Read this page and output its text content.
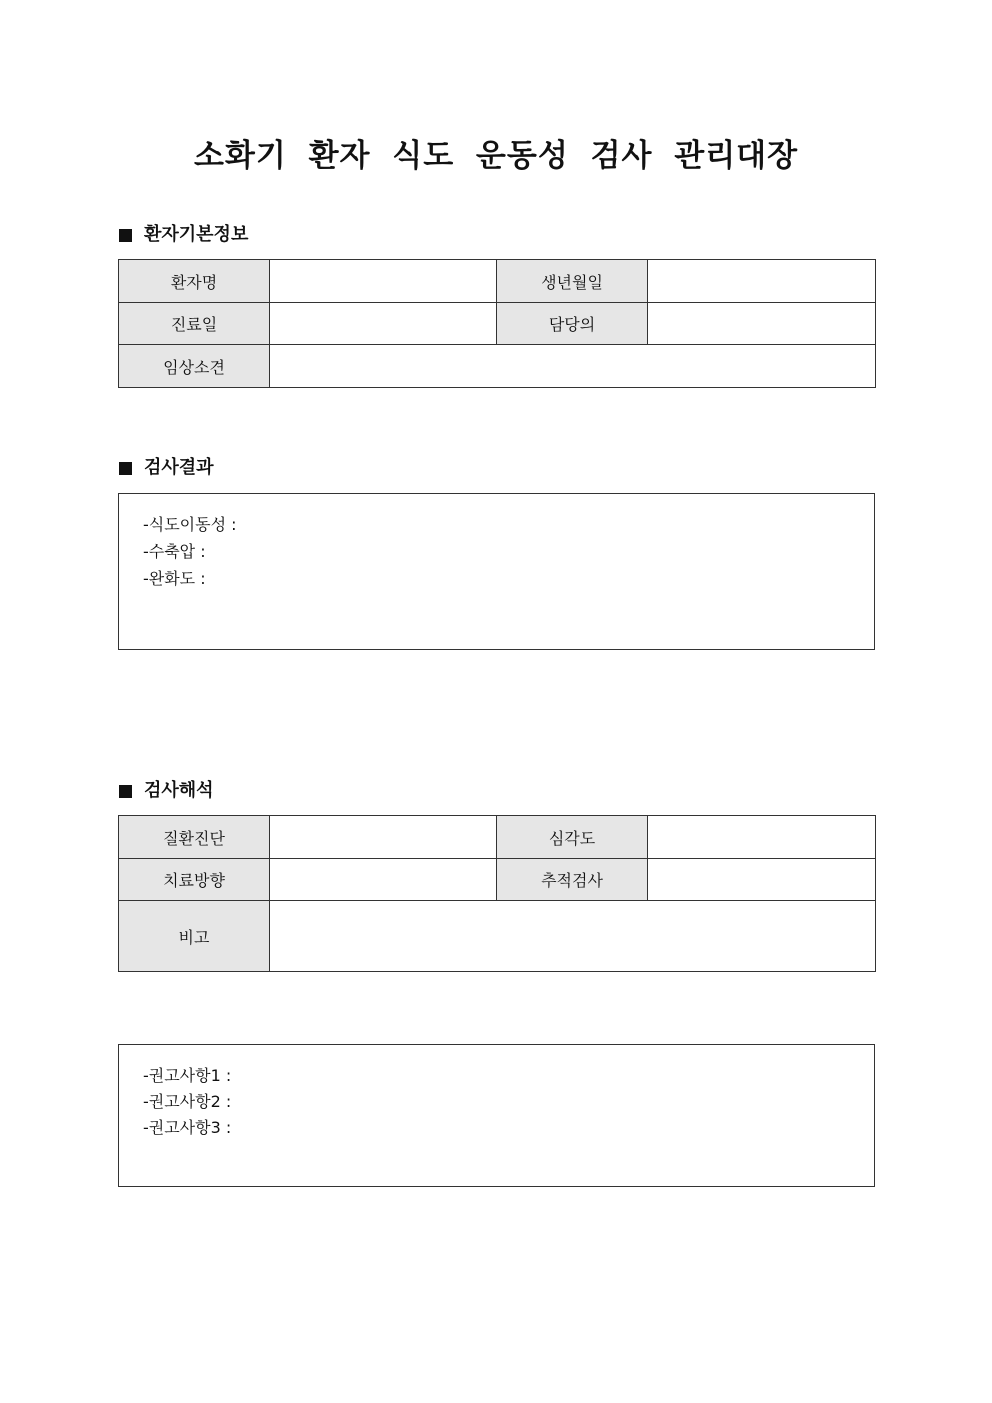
소화기 환자 식도 운동성 검사 관리대장
환자기본정보
환자명		생년월일	
진료일		담당의	
임상소견			
검사결과
-식도이동성 :
-수축압 :
-완화도 :
검사해석
질환진단		심각도	
치료방향		추적검사	
비고			
-권고사항1 :
-권고사항2 :
-권고사항3 :
